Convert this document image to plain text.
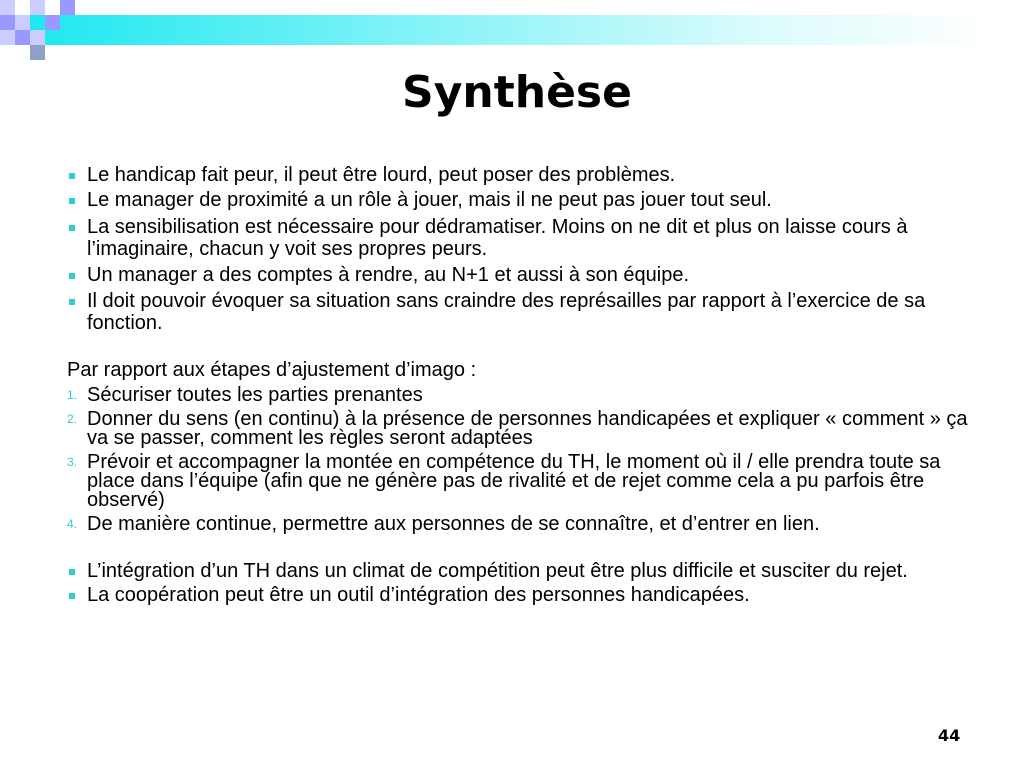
Synthèse
Le handicap fait peur, il peut être lourd, peut poser des problèmes.
Le manager de proximité a un rôle à jouer, mais il ne peut pas jouer tout seul.
La sensibilisation est nécessaire pour dédramatiser. Moins on ne dit et plus on laisse cours à l’imaginaire, chacun y voit ses propres peurs.
Un manager a des comptes à rendre, au N+1 et aussi à son équipe.
Il doit pouvoir évoquer sa situation sans craindre des représailles par rapport à l’exercice de sa fonction.
Par rapport aux étapes d’ajustement d’imago :
1. Sécuriser toutes les parties prenantes
2. Donner du sens (en continu) à la présence de personnes handicapées et expliquer « comment » ça va se passer, comment les règles seront adaptées
3. Prévoir et accompagner la montée en compétence du TH, le moment où il / elle prendra toute sa place dans l’équipe (afin que ne génère pas de rivalité et de rejet comme cela a pu parfois être observé)
4. De manière continue, permettre aux personnes de se connaître, et d’entrer en lien.
L’intégration d’un TH dans un climat de compétition peut être plus difficile et susciter du rejet.
La coopération peut être un outil d’intégration des personnes handicapées.
44
